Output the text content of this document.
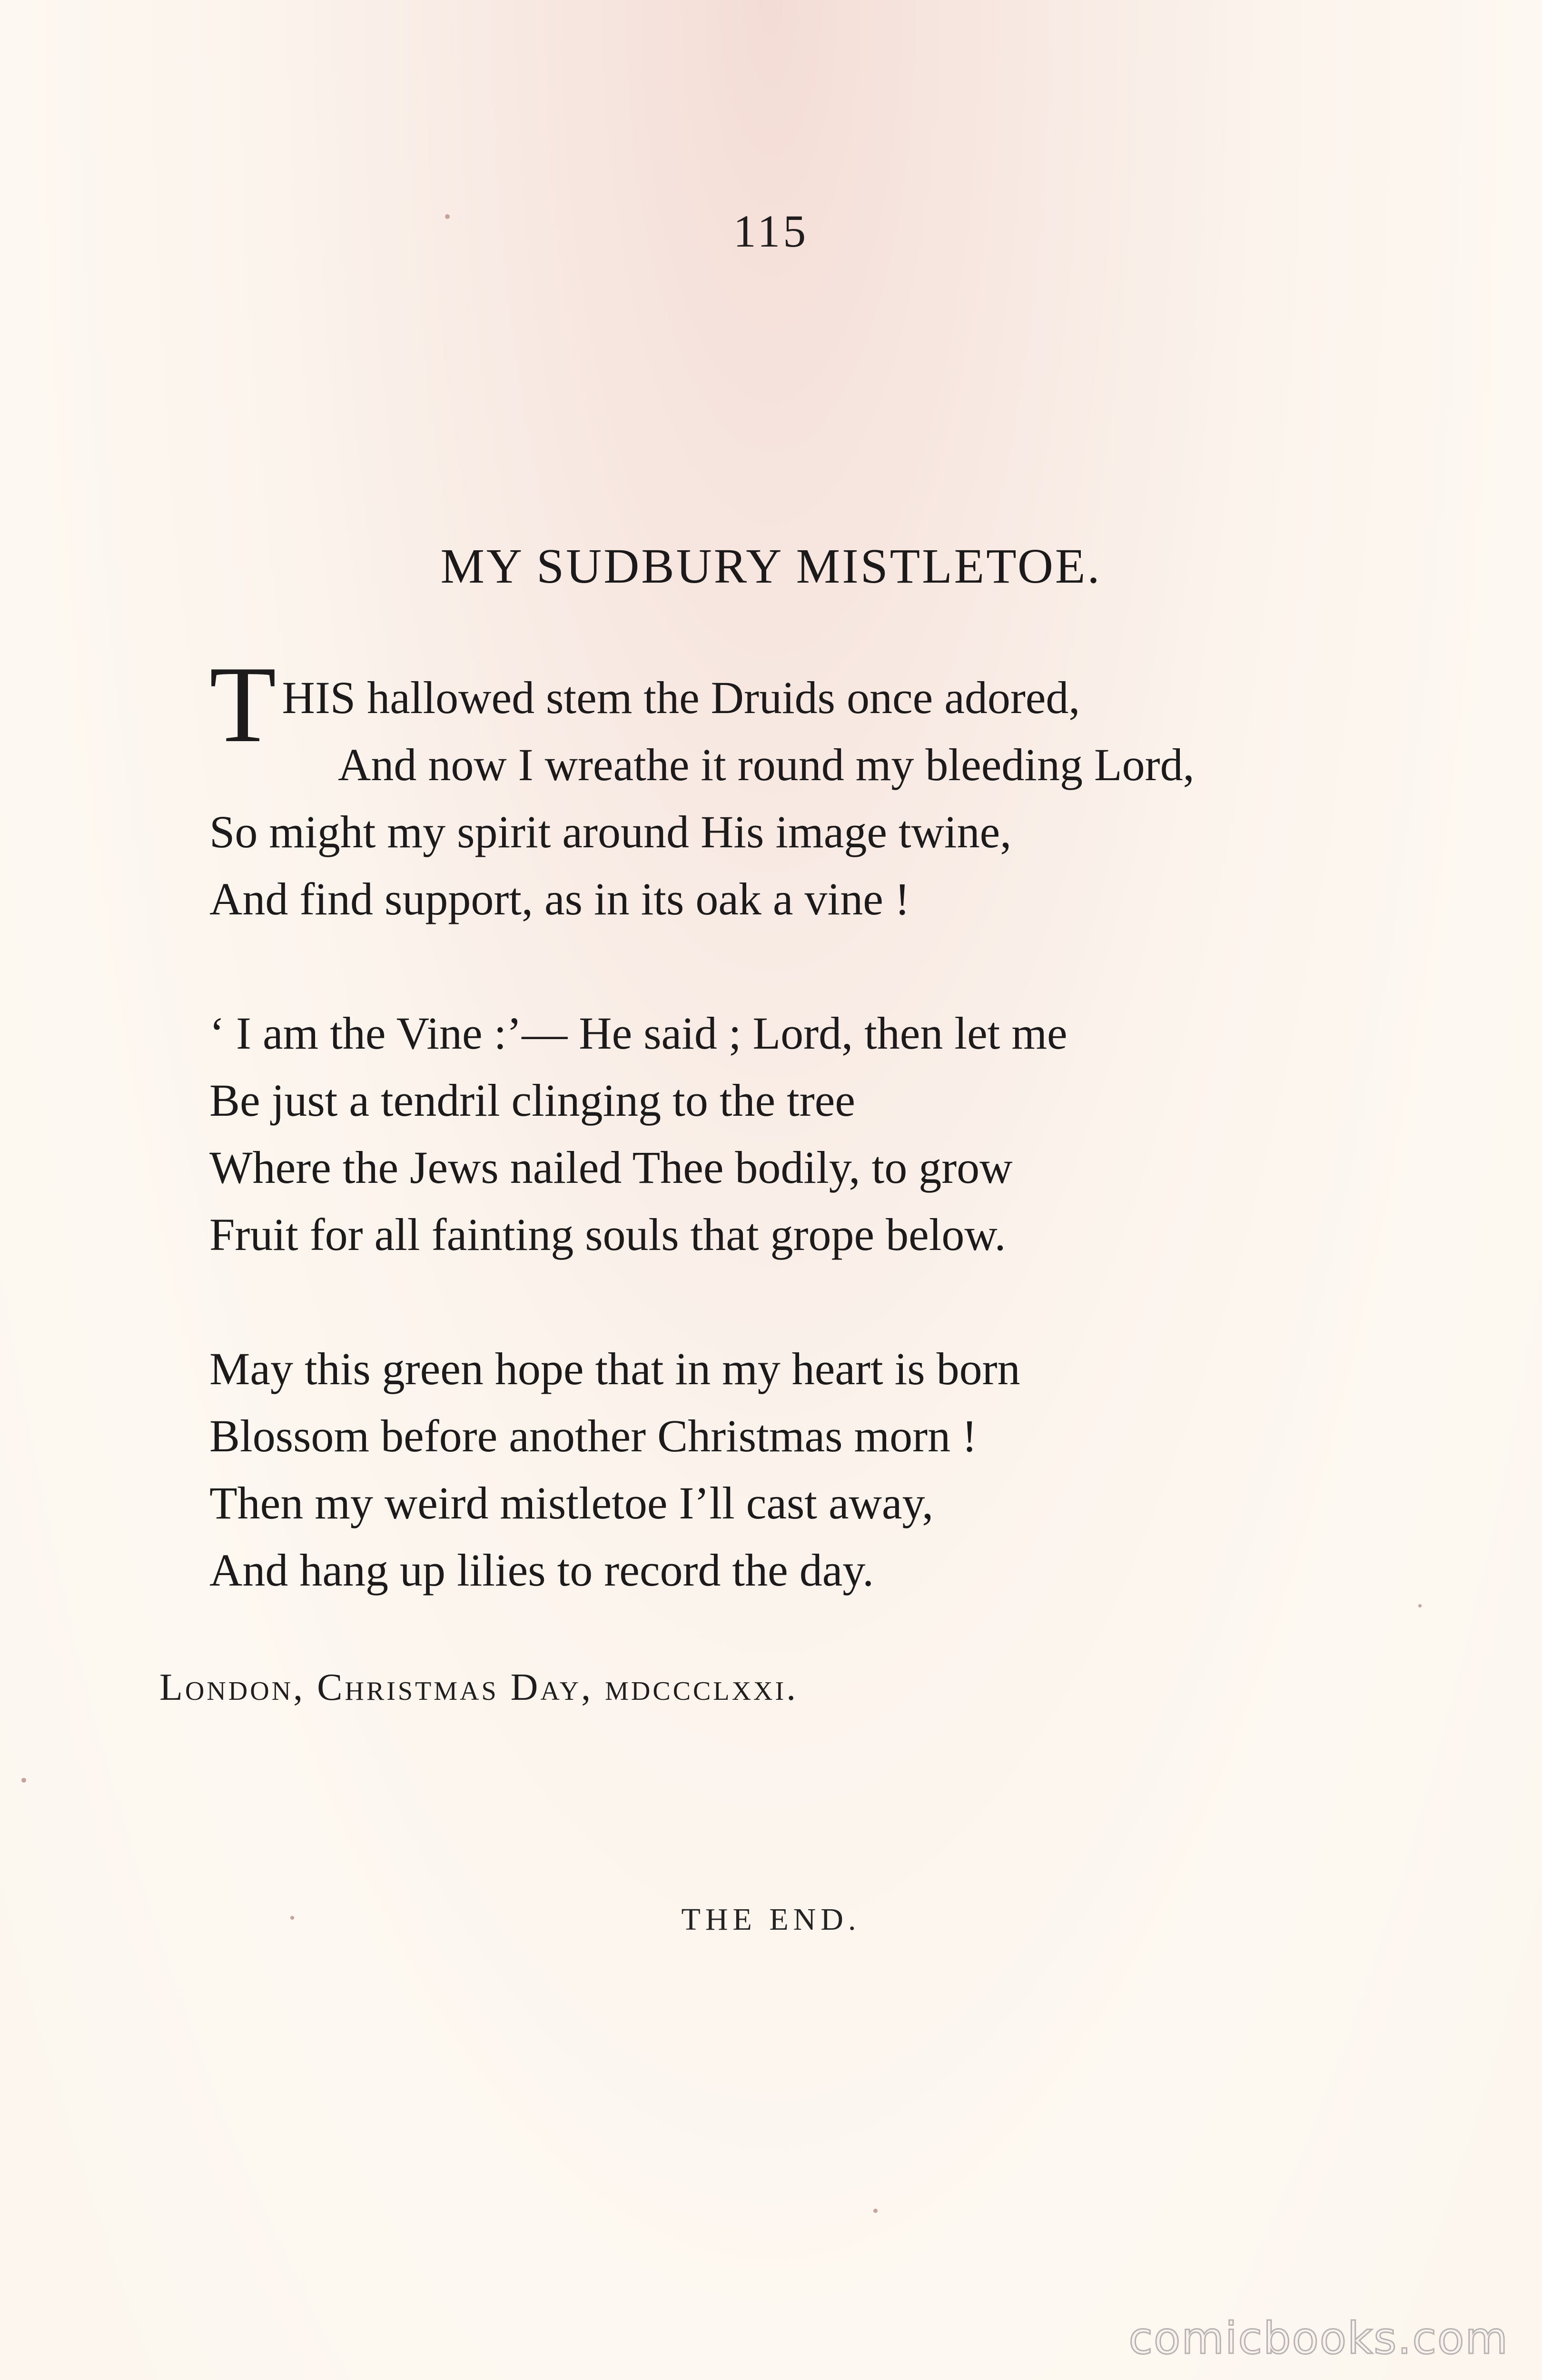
115
MY SUDBURY MISTLETOE.
THIS hallowed stem the Druids once adored,
And now I wreathe it round my bleeding Lord,
So might my spirit around His image twine,
And find support, as in its oak a vine !
‘ I am the Vine :’— He said ; Lord, then let me
Be just a tendril clinging to the tree
Where the Jews nailed Thee bodily, to grow
Fruit for all fainting souls that grope below.
May this green hope that in my heart is born
Blossom before another Christmas morn !
Then my weird mistletoe I’ll cast away,
And hang up lilies to record the day.
London, Christmas Day, mdccclxxi.
THE END.
comicbooks.com
